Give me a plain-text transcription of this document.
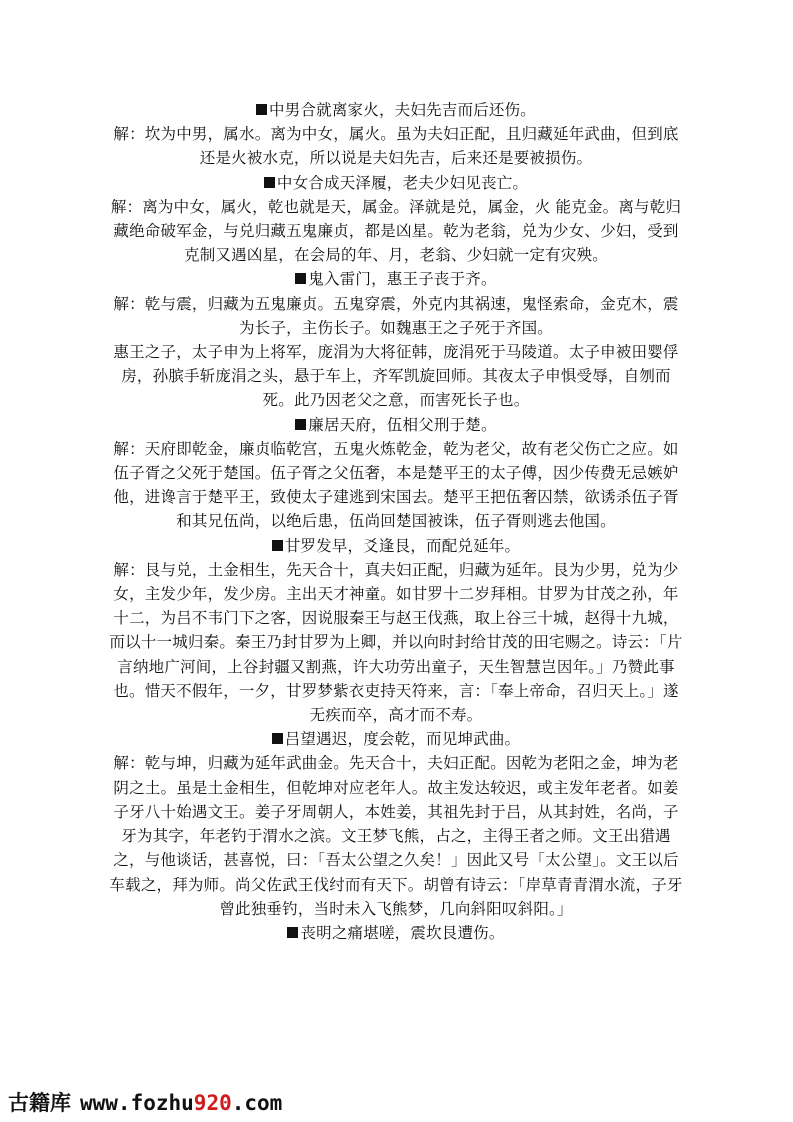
中男合就离家火，夫妇先吉而后还伤。

解：坎为中男，属水。离为中女，属火。虽为夫妇正配，且归藏延年武曲，但到底还是火被水克，所以说是夫妇先吉，后来还是要被损伤。

中女合成天泽履，老夫少妇见丧亡。

解：离为中女，属火，乾也就是天，属金。泽就是兑，属金，火 能克金。离与乾归藏绝命破军金，与兑归藏五鬼廉贞，都是凶星。乾为老翁，兑为少女、少妇，受到克制又遇凶星，在会局的年、月，老翁、少妇就一定有灾殃。

鬼入雷门，惠王子丧于齐。

解：乾与震，归藏为五鬼廉贞。五鬼穿震，外克内其祸速，鬼怪索命，金克木，震为长子，主伤长子。如魏惠王之子死于齐国。

惠王之子，太子申为上将军，庞涓为大将征韩，庞涓死于马陵道。太子申被田婴俘房，孙膑手斩庞涓之头，悬于车上，齐军凯旋回师。其夜太子申惧受辱，自刎而死。此乃因老父之意，而害死长子也。

廉居天府，伍相父刑于楚。

解：天府即乾金，廉贞临乾宫，五鬼火炼乾金，乾为老父，故有老父伤亡之应。如伍子胥之父死于楚国。伍子胥之父伍奢，本是楚平王的太子傅，因少传费无忌嫉妒他，进谗言于楚平王，致使太子建逃到宋国去。楚平王把伍奢囚禁，欲诱杀伍子胥和其兄伍尚，以绝后患，伍尚回楚国被诛，伍子胥则逃去他国。

甘罗发早，爻逢艮，而配兑延年。

解：艮与兑，土金相生，先天合十，真夫妇正配，归藏为延年。艮为少男，兑为少女，主发少年，发少房。主出天才神童。如甘罗十二岁拜相。甘罗为甘茂之孙，年十二，为吕不韦门下之客，因说服秦王与赵王伐燕，取上谷三十城，赵得十九城，而以十一城归秦。秦王乃封甘罗为上卿，并以向时封给甘茂的田宅赐之。诗云：「片言纳地广河间，上谷封疆又割燕，许大功劳出童子，天生智慧岂因年。」乃赞此事也。惜天不假年，一夕，甘罗梦紫衣吏持天符来，言：「奉上帝命，召归天上。」遂无疾而卒，高才而不寿。

吕望遇迟，度会乾，而见坤武曲。

解：乾与坤，归藏为延年武曲金。先天合十，夫妇正配。因乾为老阳之金，坤为老阴之土。虽是土金相生，但乾坤对应老年人。故主发达较迟，或主发年老者。如姜子牙八十始遇文王。姜子牙周朝人，本姓姜，其祖先封于吕，从其封姓，名尚，子牙为其字，年老钓于渭水之滨。文王梦飞熊，占之，主得王者之师。文王出猎遇之，与他谈话，甚喜悦，曰：「吾太公望之久矣！」因此又号「太公望」。文王以后车载之，拜为师。尚父佐武王伐纣而有天下。胡曾有诗云：「岸草青青渭水流，子牙曾此独垂钓，当时未入飞熊梦，几向斜阳叹斜阳。」

丧明之痛堪嗟，震坎艮遭伤。

古籍库 www.fozhu 920 .com
